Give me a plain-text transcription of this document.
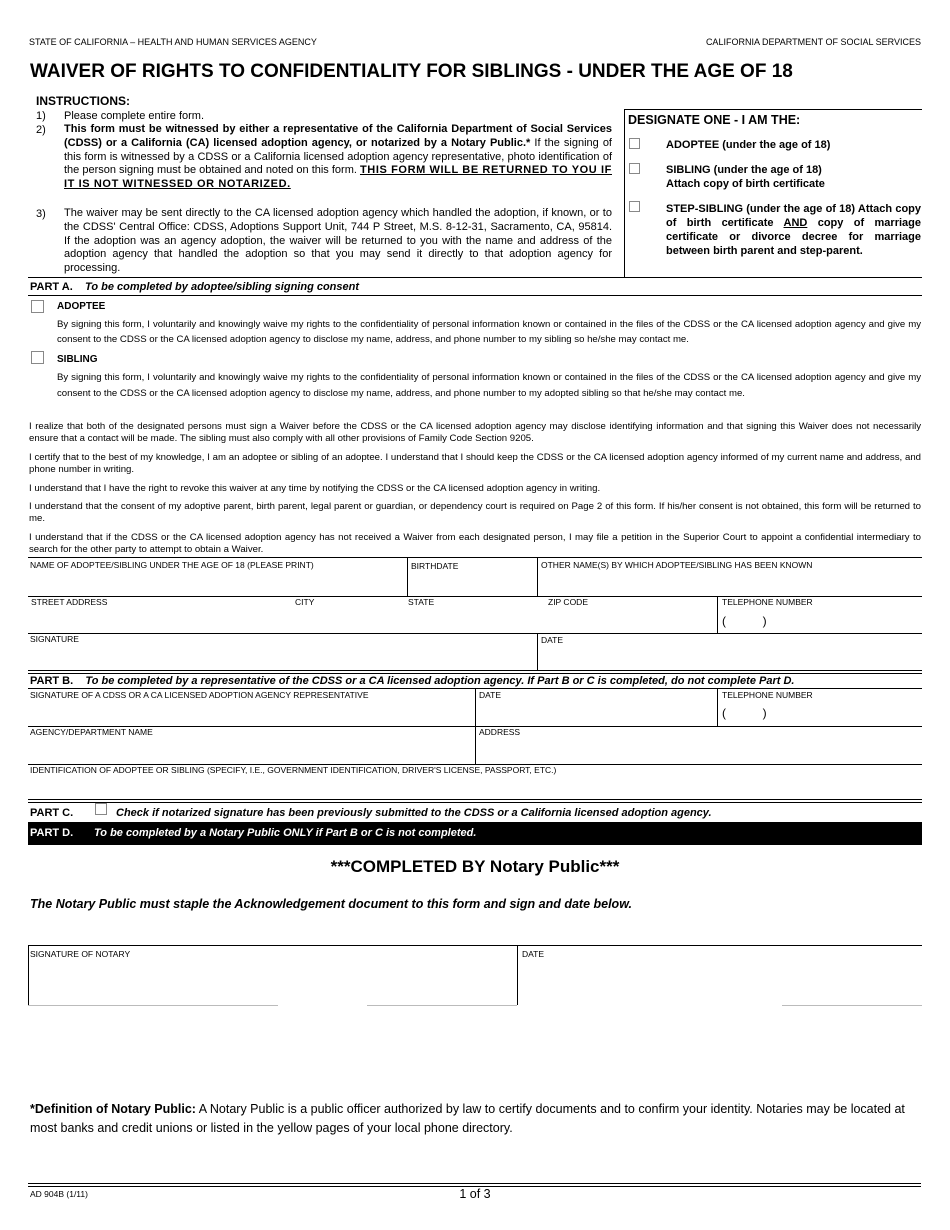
STATE OF CALIFORNIA – HEALTH AND HUMAN SERVICES AGENCY	CALIFORNIA DEPARTMENT OF SOCIAL SERVICES
WAIVER OF RIGHTS TO CONFIDENTIALITY FOR SIBLINGS - UNDER THE AGE OF 18
INSTRUCTIONS:
1) Please complete entire form.
2) This form must be witnessed by either a representative of the California Department of Social Services (CDSS) or a California (CA) licensed adoption agency, or notarized by a Notary Public.* If the signing of this form is witnessed by a CDSS or a California licensed adoption agency representative, photo identification of the person signing must be obtained and noted on this form. THIS FORM WILL BE RETURNED TO YOU IF IT IS NOT WITNESSED OR NOTARIZED.
3) The waiver may be sent directly to the CA licensed adoption agency which handled the adoption, if known, or to the CDSS' Central Office: CDSS, Adoptions Support Unit, 744 P Street, M.S. 8-12-31, Sacramento, CA, 95814. If the adoption was an agency adoption, the waiver will be returned to you with the name and address of the adoption agency that handled the adoption so that you may send it directly to that adoption agency for processing.
DESIGNATE ONE - I AM THE:
ADOPTEE (under the age of 18)
SIBLING (under the age of 18)
Attach copy of birth certificate
STEP-SIBLING (under the age of 18) Attach copy of birth certificate AND copy of marriage certificate or divorce decree for marriage between birth parent and step-parent.
PART A. To be completed by adoptee/sibling signing consent
ADOPTEE
By signing this form, I voluntarily and knowingly waive my rights to the confidentiality of personal information known or contained in the files of the CDSS or the CA licensed adoption agency and give my consent to the CDSS or the CA licensed adoption agency to disclose my name, address, and phone number to my sibling so he/she may contact me.
SIBLING
By signing this form, I voluntarily and knowingly waive my rights to the confidentiality of personal information known or contained in the files of the CDSS or the CA licensed adoption agency and give my consent to the CDSS or the CA licensed adoption agency to disclose my name, address, and phone number to my adopted sibling so that he/she may contact me.
I realize that both of the designated persons must sign a Waiver before the CDSS or the CA licensed adoption agency may disclose identifying information and that signing this Waiver does not necessarily ensure that a contact will be made. The sibling must also comply with all other provisions of Family Code Section 9205.
I certify that to the best of my knowledge, I am an adoptee or sibling of an adoptee. I understand that I should keep the CDSS or the CA licensed adoption agency informed of my current name and address, and phone number in writing.
I understand that I have the right to revoke this waiver at any time by notifying the CDSS or the CA licensed adoption agency in writing.
I understand that the consent of my adoptive parent, birth parent, legal parent or guardian, or dependency court is required on Page 2 of this form. If his/her consent is not obtained, this form will be returned to me.
I understand that if the CDSS or the CA licensed adoption agency has not received a Waiver from each designated person, I may file a petition in the Superior Court to appoint a confidential intermediary to search for the other party to attempt to obtain a Waiver.
NAME OF ADOPTEE/SIBLING UNDER THE AGE OF 18 (PLEASE PRINT)	BIRTHDATE	OTHER NAME(S) BY WHICH ADOPTEE/SIBLING HAS BEEN KNOWN
STREET ADDRESS	CITY	STATE	ZIP CODE	TELEPHONE NUMBER
(           )
SIGNATURE	DATE
PART B. To be completed by a representative of the CDSS or a CA licensed adoption agency. If Part B or C is completed, do not complete Part D.
SIGNATURE OF A CDSS OR A CA LICENSED ADOPTION AGENCY REPRESENTATIVE	DATE	TELEPHONE NUMBER
(           )
AGENCY/DEPARTMENT NAME	ADDRESS
IDENTIFICATION OF ADOPTEE OR SIBLING (SPECIFY, I.E., GOVERNMENT IDENTIFICATION, DRIVER'S LICENSE, PASSPORT, ETC.)
PART C.	Check if notarized signature has been previously submitted to the CDSS or a California licensed adoption agency.
PART D. To be completed by a Notary Public ONLY if Part B or C is not completed.
***COMPLETED BY Notary Public***
The Notary Public must staple the Acknowledgement document to this form and sign and date below.
SIGNATURE OF NOTARY	DATE
*Definition of Notary Public: A Notary Public is a public officer authorized by law to certify documents and to confirm your identity. Notaries may be located at most banks and credit unions or listed in the yellow pages of your local phone directory.
AD 904B (1/11)	1 of 3
